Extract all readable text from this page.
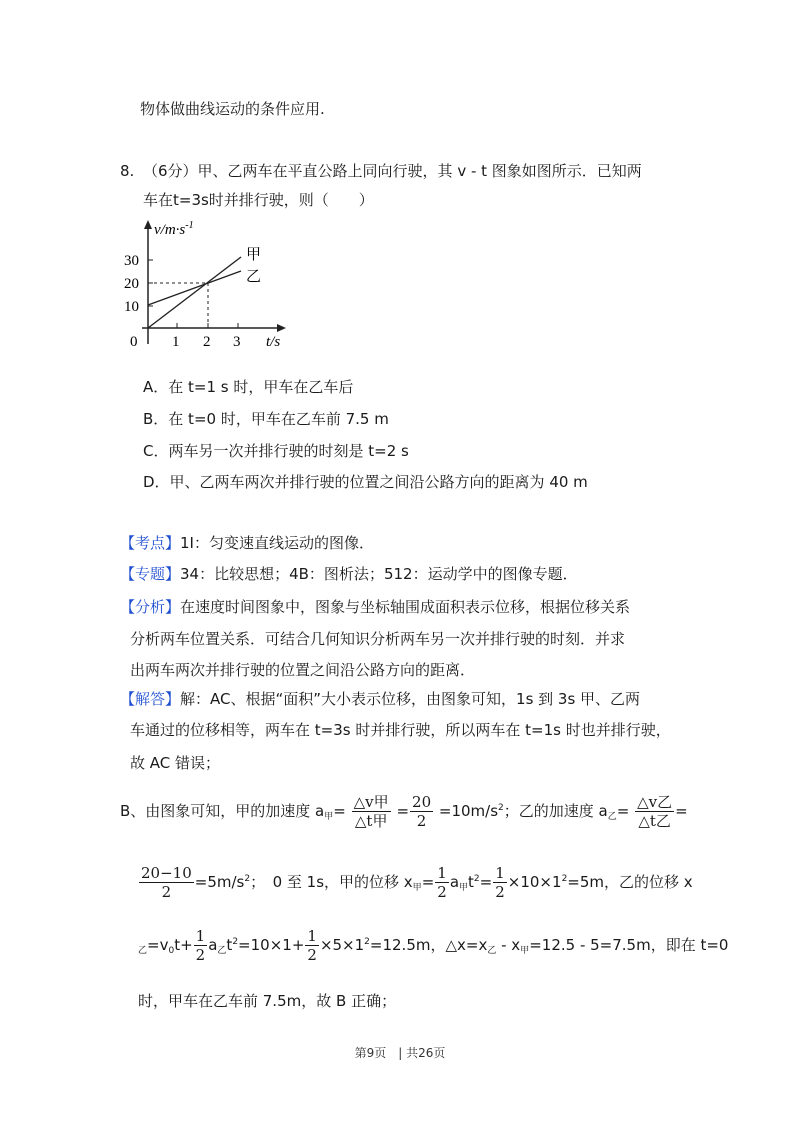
物体做曲线运动的条件应用.
8. （6分）甲、乙两车在平直公路上同向行驶，其 v - t 图象如图所示．已知两
车在t=3s时并排行驶，则（　　）
$v/m\cdot s^{-1}$
30
20
10
0 1 2 3 t/s
甲
乙
A．在 t=1 s 时，甲车在乙车后
B．在 t=0 时，甲车在乙车前 7.5 m
C．两车另一次并排行驶的时刻是 t=2 s
D．甲、乙两车两次并排行驶的位置之间沿公路方向的距离为 40 m
【考点】1I：匀变速直线运动的图像．
【专题】34：比较思想；4B：图析法；512：运动学中的图像专题．
【分析】在速度时间图象中，图象与坐标轴围成面积表示位移，根据位移关系
分析两车位置关系．可结合几何知识分析两车另一次并排行驶的时刻．并求
出两车两次并排行驶的位置之间沿公路方向的距离．
【解答】解：AC、根据“面积”大小表示位移，由图象可知，1s 到 3s 甲、乙两
车通过的位移相等，两车在 t=3s 时并排行驶，所以两车在 t=1s 时也并排行驶，
故 AC 错误；
B、由图象可知，甲的加速度 $a_甲= \frac{\text{△v甲}}{\text{△t甲}} = \frac{20}{2} =10m/s^2$；乙的加速度 $a_乙= \frac{\text{△v乙}}{\text{△t乙}}$ =
$\frac{20-10}{2} =5m/s^2$；　0 至 1s，甲的位移 $x_甲= \frac{1}{2} a_甲t^2= \frac{1}{2} \times 10\times 1^2=5m$，乙的位移 x
$_乙=v_0t+ \frac{1}{2} a_乙t^2=10\times 1+ \frac{1}{2} \times 5\times 1^2=12.5m$，$\triangle x=x_乙 - x_甲=12.5 - 5=7.5m$，即在 t=0
时，甲车在乙车前 7.5m，故 B 正确；
第9页　| 共26页
